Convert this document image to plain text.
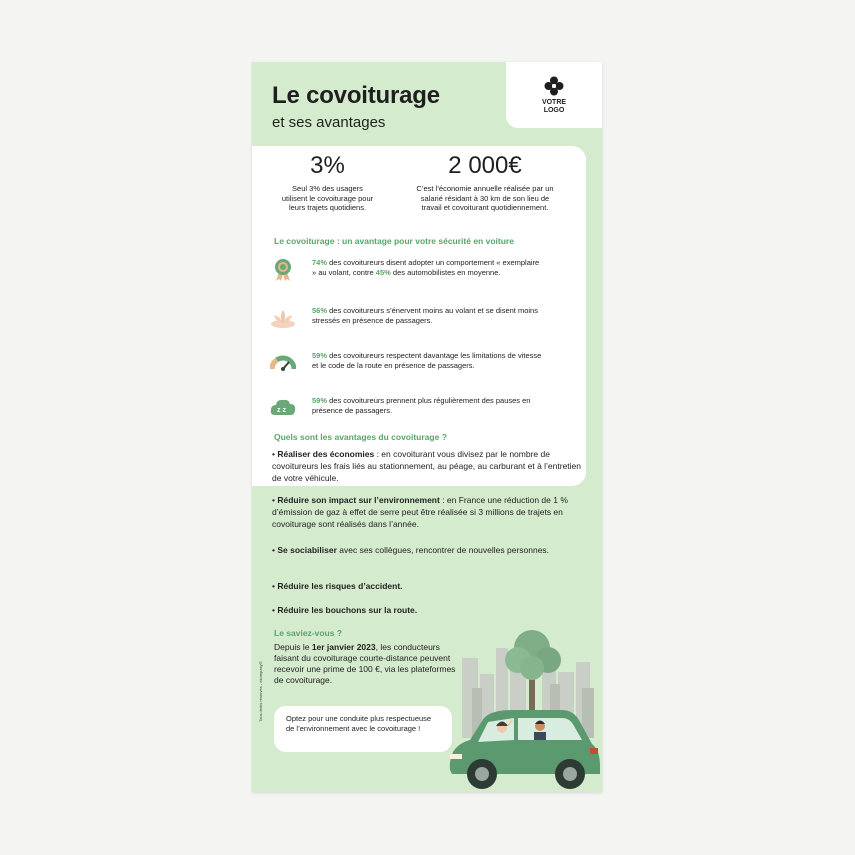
Le covoiturage
et ses avantages
VOTRE
LOGO
3%
Seul 3% des usagers utilisent le covoiturage pour leurs trajets quotidiens.
2 000€
C’est l’économie annuelle réalisée par un salarié résidant à 30 km de son lieu de travail et covoiturant quotidiennement.
Le covoiturage : un avantage pour votre sécurité en voiture
74% des covoitureurs disent adopter un comportement « exemplaire » au volant, contre 45% des automobilistes en moyenne.
56% des covoitureurs s’énervent moins au volant et se disent moins stressés en présence de passagers.
59% des covoitureurs respectent davantage les limitations de vitesse et le code de la route en présence de passagers.
z z
59% des covoitureurs prennent plus régulièrement des pauses en présence de passagers.
Quels sont les avantages du covoiturage ?
• Réaliser des économies : en covoiturant vous divisez par le nombre de covoitureurs les frais liés au stationnement, au péage, au carburant et à l’entretien de votre véhicule.
• Réduire son impact sur l’environnement : en France une réduction de 1 % d’émission de gaz à effet de serre peut être réalisée si 3 millions de trajets en covoiturage sont réalisés dans l’année.
• Se sociabiliser avec ses collègues, rencontrer de nouvelles personnes.
• Réduire les risques d’accident.
• Réduire les bouchons sur la route.
Le saviez-vous ?
Depuis le 1er janvier 2023, les conducteurs faisant du covoiturage courte-distance peuvent recevoir une prime de 100 €, via les plateformes de covoiturage.
Optez pour une conduite plus respectueuse de l’environnement avec le covoiturage !
Tous droits réservés - ekompasy®
